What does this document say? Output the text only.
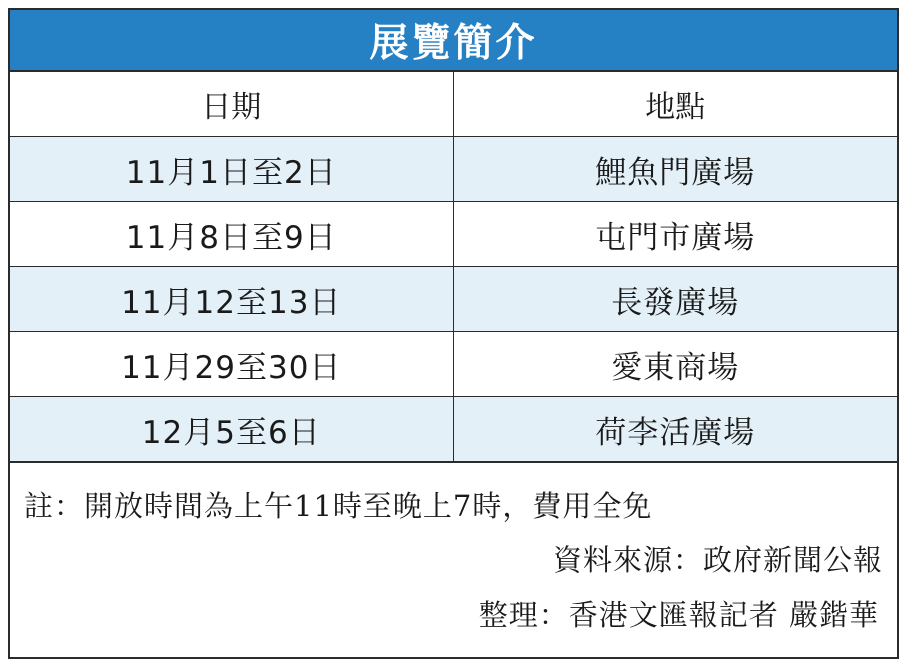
展覽簡介
日期	地點
11月1日至2日	鯉魚門廣場
11月8日至9日	屯門市廣場
11月12至13日	長發廣場
11月29至30日	愛東商場
12月5至6日	荷李活廣場
註：開放時間為上午11時至晚上7時，費用全免
資料來源：政府新聞公報
整理：香港文匯報記者 嚴鍇華
